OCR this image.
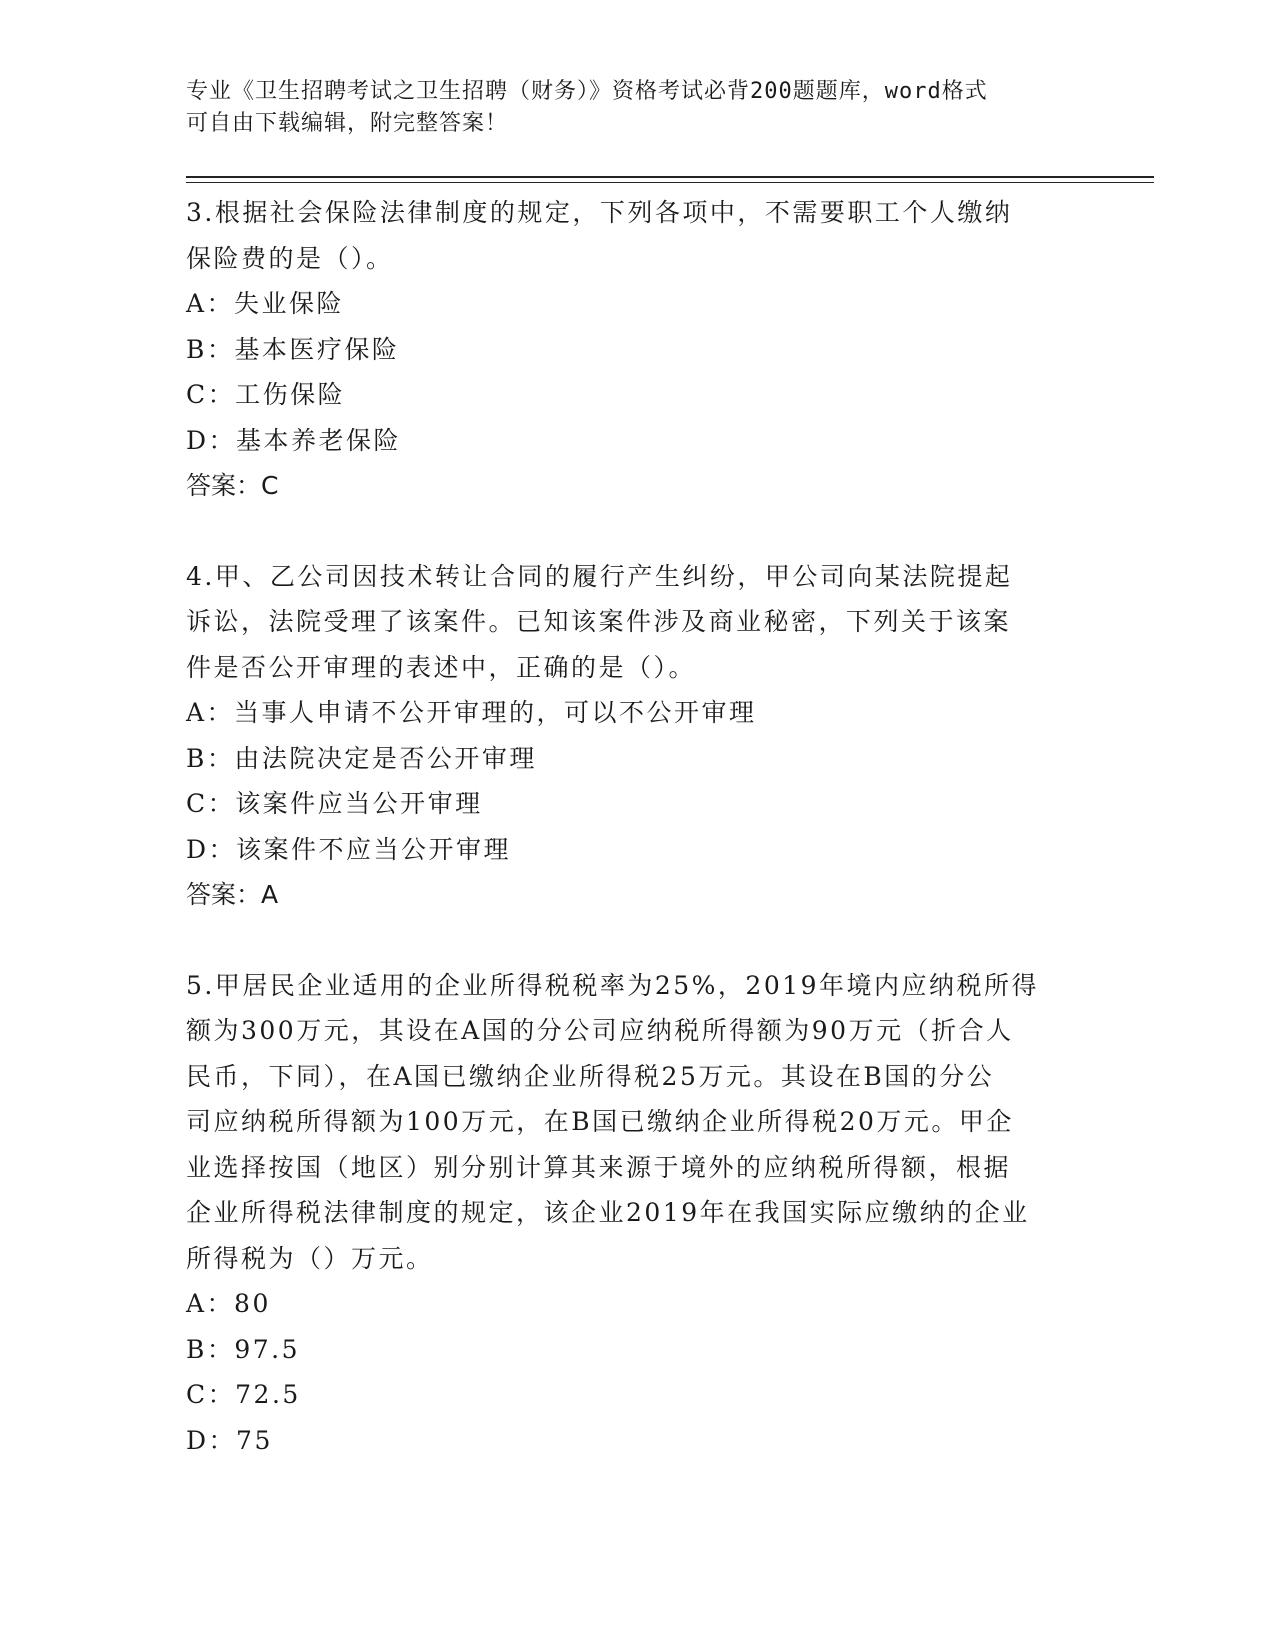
专业《卫生招聘考试之卫生招聘（财务）》资格考试必背200题题库，word格式
可自由下载编辑，附完整答案！

3.根据社会保险法律制度的规定，下列各项中，不需要职工个人缴纳

保险费的是（）。

A：失业保险

B：基本医疗保险

C：工伤保险

D：基本养老保险

答案：C

4.甲、乙公司因技术转让合同的履行产生纠纷，甲公司向某法院提起

诉讼，法院受理了该案件。已知该案件涉及商业秘密，下列关于该案

件是否公开审理的表述中，正确的是（）。

A：当事人申请不公开审理的，可以不公开审理

B：由法院决定是否公开审理

C：该案件应当公开审理

D：该案件不应当公开审理

答案：A

5.甲居民企业适用的企业所得税税率为25%，2019年境内应纳税所得

额为300万元，其设在A国的分公司应纳税所得额为90万元（折合人

民币，下同），在A国已缴纳企业所得税25万元。其设在B国的分公

司应纳税所得额为100万元，在B国已缴纳企业所得税20万元。甲企

业选择按国（地区）别分别计算其来源于境外的应纳税所得额，根据

企业所得税法律制度的规定，该企业2019年在我国实际应缴纳的企业

所得税为（）万元。

A：80

B：97.5

C：72.5

D：75
